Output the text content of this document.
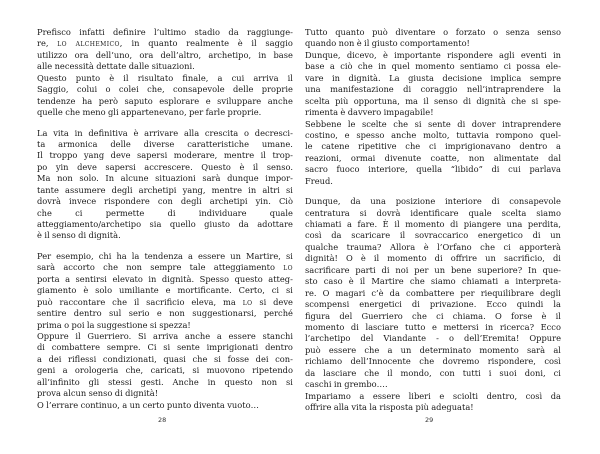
Prefisco infatti definire l’ultimo stadio da raggiunge-
re, lo alchemico, in quanto realmente è il saggio
utilizzo ora dell’uno, ora dell’altro, archetipo, in base
alle necessità dettate dalle situazioni.
Questo punto è il risultato finale, a cui arriva il
Saggio, colui o colei che, consapevole delle proprie
tendenze ha però saputo esplorare e sviluppare anche
quelle che meno gli appartenevano, per farle proprie.
La vita in definitiva è arrivare alla crescita o decresci-
ta armonica delle diverse caratteristiche umane.
Il troppo yang deve sapersi moderare, mentre il trop-
po yin deve sapersi accrescere. Questo è il senso.
Ma non solo. In alcune situazioni sarà dunque impor-
tante assumere degli archetipi yang, mentre in altri si
dovrà invece rispondere con degli archetipi yin. Ciò
che	ci	permette	di	individuare	quale
atteggiamento/archetipo sia quello giusto da adottare
è il senso di dignità.
Per esempio, chi ha la tendenza a essere un Martire, si
sarà accorto che non sempre tale atteggiamento lo
porta a sentirsi elevato in dignità. Spesso questo atteg-
giamento è solo umiliante e mortificante. Certo, ci si
può raccontare che il sacrificio eleva, ma lo si deve
sentire dentro sul serio e non suggestionarsi, perché
prima o poi la suggestione si spezza!
Oppure il Guerriero. Si arriva anche a essere stanchi
di combattere sempre. Ci si sente imprigionati dentro
a dei riflessi condizionati, quasi che si fosse dei con-
geni a orologeria che, caricati, si muovono ripetendo
all’infinito gli stessi gesti. Anche in questo non si
prova alcun senso di dignità!
O l’errare continuo, a un certo punto diventa vuoto…
28
Tutto quanto può diventare o forzato o senza senso
quando non è il giusto comportamento!
Dunque, dicevo, è importante rispondere agli eventi in
base a ciò che in quel momento sentiamo ci possa ele-
vare in dignità. La giusta decisione implica sempre
una manifestazione di coraggio nell’intraprendere la
scelta più opportuna, ma il senso di dignità che si spe-
rimenta è davvero impagabile!
Sebbene le scelte che si sente di dover intraprendere
costino, e spesso anche molto, tuttavia rompono quel-
le catene ripetitive che ci imprigionavano dentro a
reazioni, ormai divenute coatte, non alimentate dal
sacro fuoco interiore, quella “libido” di cui parlava
Freud.
Dunque, da una posizione interiore di consapevole
centratura si dovrà identificare quale scelta siamo
chiamati a fare. È il momento di piangere una perdita,
così da scaricare il sovraccarico energetico di un
qualche trauma? Allora è l’Orfano che ci apporterà
dignità! O è il momento di offrire un sacrificio, di
sacrificare parti di noi per un bene superiore? In que-
sto caso è il Martire che siamo chiamati a interpreta-
re. O magari c’è da combattere per riequilibrare degli
scompensi energetici di privazione. Ecco quindi la
figura del Guerriero che ci chiama. O forse è il
momento di lasciare tutto e mettersi in ricerca? Ecco
l’archetipo del Viandante - o dell’Eremita! Oppure
può essere che a un determinato momento sarà al
richiamo dell’Innocente che dovremo rispondere, così
da lasciare che il mondo, con tutti i suoi doni, ci
caschi in grembo….
Impariamo a essere liberi e sciolti dentro, così da
offrire alla vita la risposta più adeguata!
29
